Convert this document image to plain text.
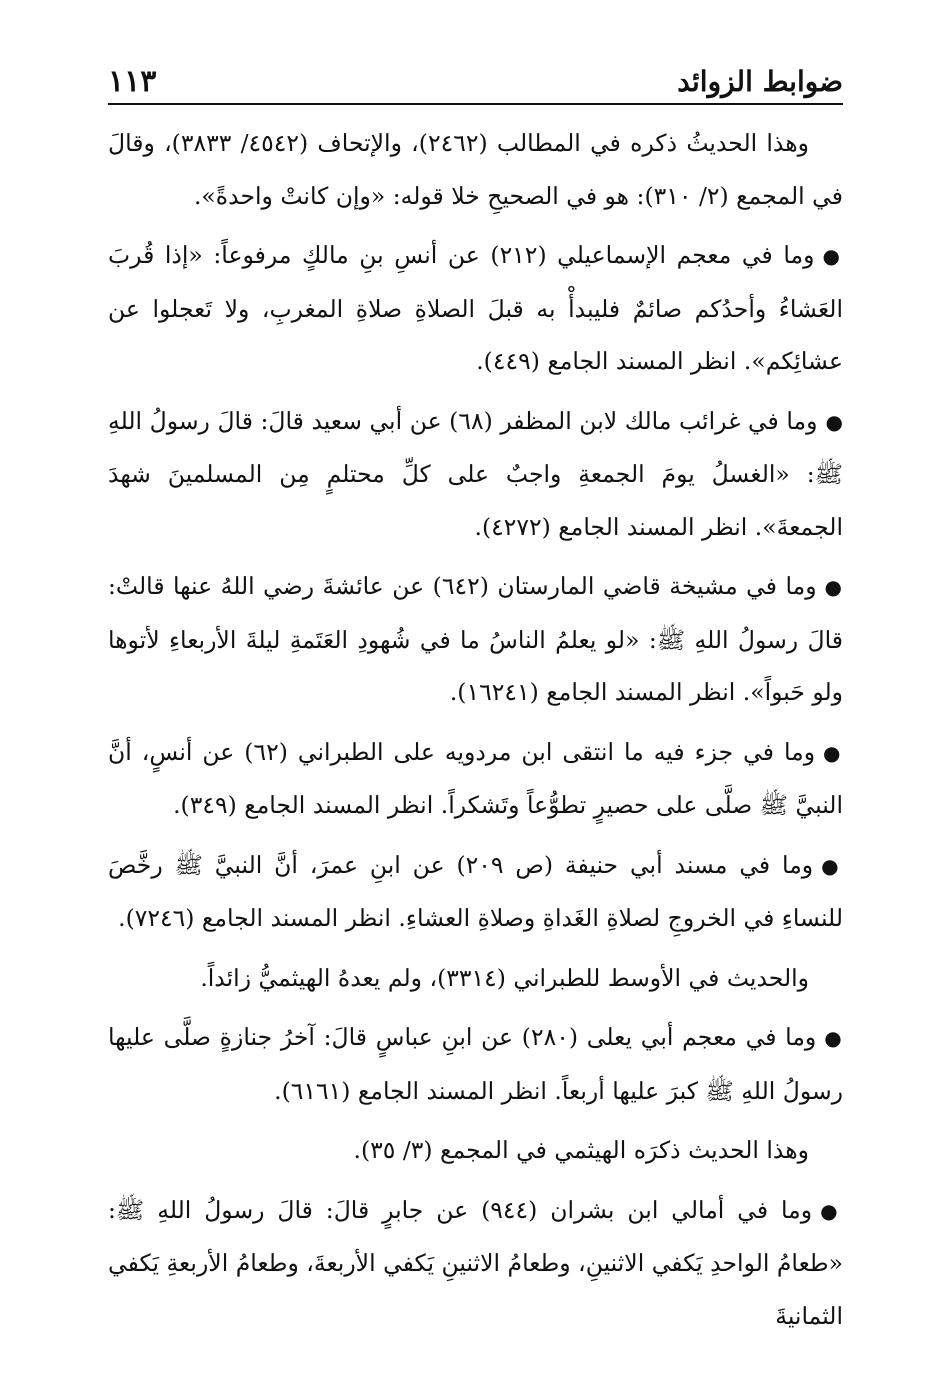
ضوابط الزوائد
١١٣

وهذا الحديثُ ذكره في المطالب (٢٤٦٢)، والإتحاف (٤٥٤٢/ ٣٨٣٣)، وقالَ في المجمع (٢/ ٣١٠): هو في الصحيحِ خلا قوله: «وإن كانتْ واحدةً».

●وما في معجم الإسماعيلي (٢١٢) عن أنسِ بنِ مالكٍ مرفوعاً: «إذا قُربَ العَشاءُ وأحدُكم صائمٌ فليبدأْ به قبلَ الصلاةِ صلاةِ المغربِ، ولا تَعجلوا عن عشائِكم». انظر المسند الجامع (٤٤٩).

●وما في غرائب مالك لابن المظفر (٦٨) عن أبي سعيد قالَ: قالَ رسولُ اللهِ ﷺ: «الغسلُ يومَ الجمعةِ واجبٌ على كلِّ محتلمٍ مِن المسلمينَ شهدَ الجمعةَ». انظر المسند الجامع (٤٢٧٢).

●وما في مشيخة قاضي المارستان (٦٤٢) عن عائشةَ رضي اللهُ عنها قالتْ: قالَ رسولُ اللهِ ﷺ: «لو يعلمُ الناسُ ما في شُهودِ العَتَمةِ ليلةَ الأربعاءِ لأتوها ولو حَبواً». انظر المسند الجامع (١٦٢٤١).

●وما في جزء فيه ما انتقى ابن مردويه على الطبراني (٦٢) عن أنسٍ، أنَّ النبيَّ ﷺ صلَّى على حصيرٍ تطوُّعاً وتَشكراً. انظر المسند الجامع (٣٤٩).

●وما في مسند أبي حنيفة (ص ٢٠٩) عن ابنِ عمرَ، أنَّ النبيَّ ﷺ رخَّصَ للنساءِ في الخروجِ لصلاةِ الغَداةِ وصلاةِ العشاءِ. انظر المسند الجامع (٧٢٤٦).

والحديث في الأوسط للطبراني (٣٣١٤)، ولم يعدهُ الهيثميُّ زائداً.

●وما في معجم أبي يعلى (٢٨٠) عن ابنِ عباسٍ قالَ: آخرُ جنازةٍ صلَّى عليها رسولُ اللهِ ﷺ كبرَ عليها أربعاً. انظر المسند الجامع (٦١٦١).

وهذا الحديث ذكرَه الهيثمي في المجمع (٣/ ٣٥).

●وما في أمالي ابن بشران (٩٤٤) عن جابرٍ قالَ: قالَ رسولُ اللهِ ﷺ: «طعامُ الواحدِ يَكفي الاثنينِ، وطعامُ الاثنينِ يَكفي الأربعةَ، وطعامُ الأربعةِ يَكفي الثمانيةَ
